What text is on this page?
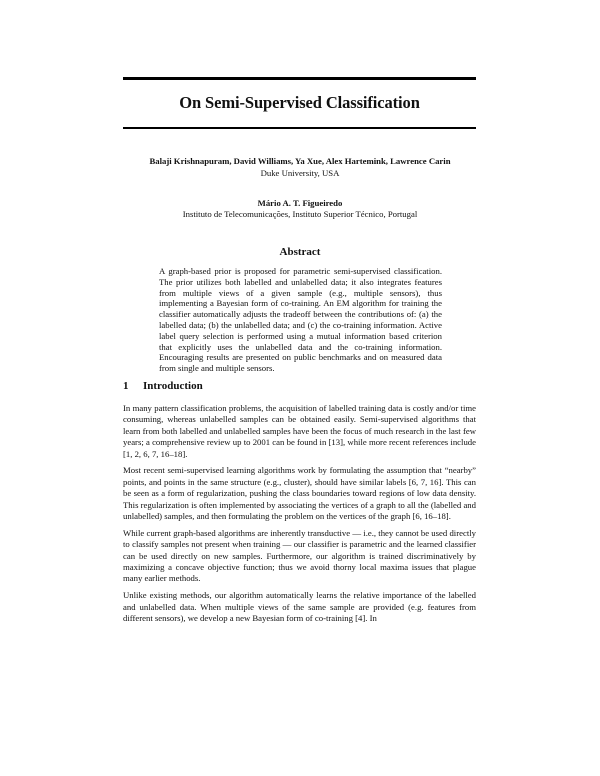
On Semi-Supervised Classification
Balaji Krishnapuram, David Williams, Ya Xue, Alex Hartemink, Lawrence Carin
Duke University, USA
Mário A. T. Figueiredo
Instituto de Telecomunicações, Instituto Superior Técnico, Portugal
Abstract
A graph-based prior is proposed for parametric semi-supervised classification. The prior utilizes both labelled and unlabelled data; it also integrates features from multiple views of a given sample (e.g., multiple sensors), thus implementing a Bayesian form of co-training. An EM algorithm for training the classifier automatically adjusts the tradeoff between the contributions of: (a) the labelled data; (b) the unlabelled data; and (c) the co-training information. Active label query selection is performed using a mutual information based criterion that explicitly uses the unlabelled data and the co-training information. Encouraging results are presented on public benchmarks and on measured data from single and multiple sensors.
1 Introduction

In many pattern classification problems, the acquisition of labelled training data is costly and/or time consuming, whereas unlabelled samples can be obtained easily. Semi-supervised algorithms that learn from both labelled and unlabelled samples have been the focus of much research in the last few years; a comprehensive review up to 2001 can be found in [13], while more recent references include [1, 2, 6, 7, 16–18].

Most recent semi-supervised learning algorithms work by formulating the assumption that “nearby” points, and points in the same structure (e.g., cluster), should have similar labels [6, 7, 16]. This can be seen as a form of regularization, pushing the class boundaries toward regions of low data density. This regularization is often implemented by associating the vertices of a graph to all the (labelled and unlabelled) samples, and then formulating the problem on the vertices of the graph [6, 16–18].

While current graph-based algorithms are inherently transductive — i.e., they cannot be used directly to classify samples not present when training — our classifier is parametric and the learned classifier can be used directly on new samples. Furthermore, our algorithm is trained discriminatively by maximizing a concave objective function; thus we avoid thorny local maxima issues that plague many earlier methods.

Unlike existing methods, our algorithm automatically learns the relative importance of the labelled and unlabelled data. When multiple views of the same sample are provided (e.g. features from different sensors), we develop a new Bayesian form of co-training [4]. In
